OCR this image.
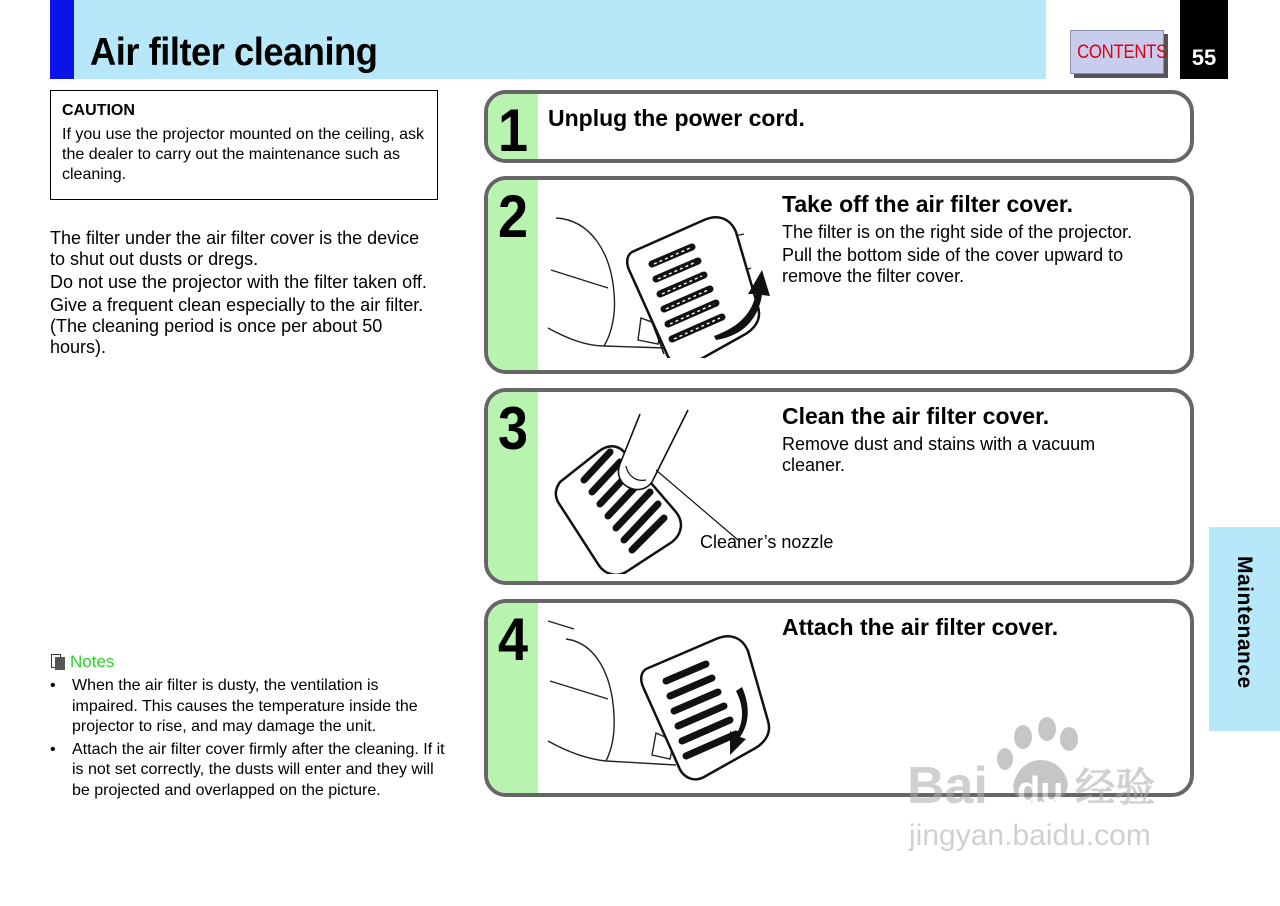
Air filter cleaning	CONTENTS	55
Maintenance
CAUTION

If you use the projector mounted on the ceiling, ask the dealer to carry out the maintenance such as cleaning.

The filter under the air filter cover is the device to shut out dusts or dregs.

Do not use the projector with the filter taken off.

Give a frequent clean especially to the air filter. (The cleaning period is once per about 50 hours).

Notes
• When the air filter is dusty, the ventilation is impaired. This causes the temperature inside the projector to rise, and may damage the unit.
• Attach the air filter cover firmly after the cleaning. If it is not set correctly, the dusts will enter and they will be projected and overlapped on the picture.
1 Unplug the power cord.
2	Take off the air filter cover.

The filter is on the right side of the projector.

Pull the bottom side of the cover upward to remove the filter cover.

3
Cleaner’s nozzle
Clean the air filter cover.

Remove dust and stains with a vacuum cleaner.

4	Attach the air filter cover.
Bai du 经验
jingyan.baidu.com
